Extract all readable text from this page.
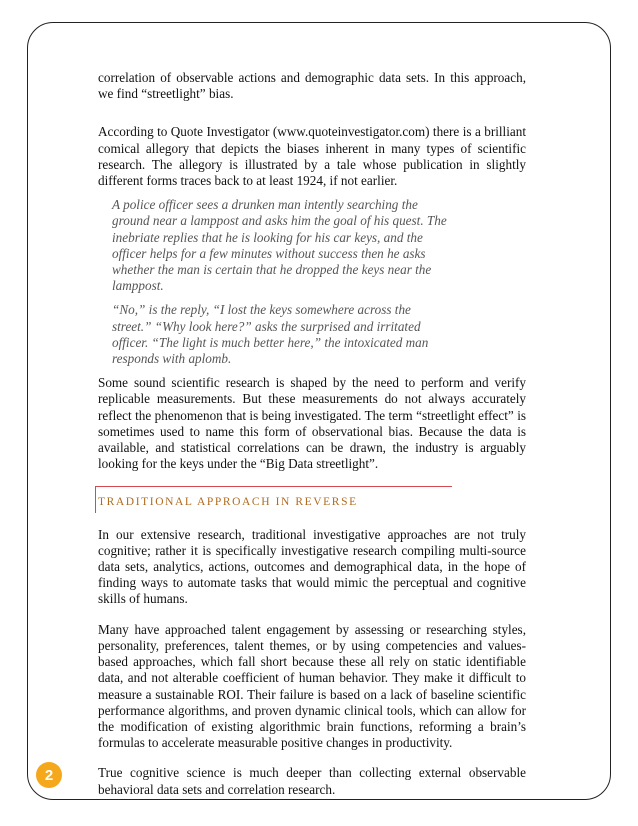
correlation of observable actions and demographic data sets. In this approach, we find “streetlight” bias.

According to Quote Investigator (www.quoteinvestigator.com) there is a brilliant comical allegory that depicts the biases inherent in many types of scientific research. The allegory is illustrated by a tale whose publication in slightly different forms traces back to at least 1924, if not earlier.

A police officer sees a drunken man intently searching the ground near a lamppost and asks him the goal of his quest. The inebriate replies that he is looking for his car keys, and the officer helps for a few minutes without success then he asks whether the man is certain that he dropped the keys near the lamppost.

“No,” is the reply, “I lost the keys somewhere across the street.” “Why look here?” asks the surprised and irritated officer. “The light is much better here,” the intoxicated man responds with aplomb.

Some sound scientific research is shaped by the need to perform and verify replicable measurements. But these measurements do not always accurately reflect the phenomenon that is being investigated. The term “streetlight effect” is sometimes used to name this form of observational bias. Because the data is available, and statistical correlations can be drawn, the industry is arguably looking for the keys under the “Big Data streetlight”.

TRADITIONAL APPROACH IN REVERSE

In our extensive research, traditional investigative approaches are not truly cognitive; rather it is specifically investigative research compiling multi-source data sets, analytics, actions, outcomes and demographical data, in the hope of finding ways to automate tasks that would mimic the perceptual and cognitive skills of humans.

Many have approached talent engagement by assessing or researching styles, personality, preferences, talent themes, or by using competencies and values-based approaches, which fall short because these all rely on static identifiable data, and not alterable coefficient of human behavior. They make it difficult to measure a sustainable ROI. Their failure is based on a lack of baseline scientific performance algorithms, and proven dynamic clinical tools, which can allow for the modification of existing algorithmic brain functions, reforming a brain’s formulas to accelerate measurable positive changes in productivity.

True cognitive science is much deeper than collecting external observable behavioral data sets and correlation research.

2
